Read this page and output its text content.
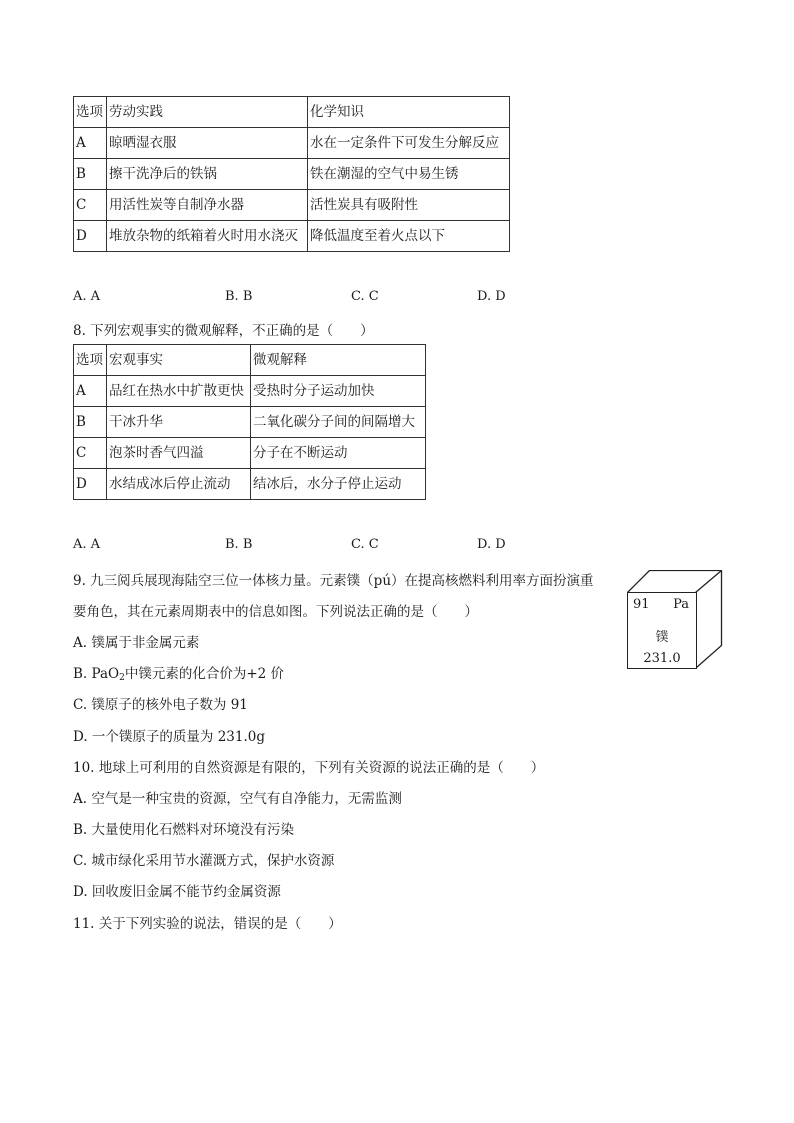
选项	劳动实践	化学知识
A	晾晒湿衣服	水在一定条件下可发生分解反应
B	擦干洗净后的铁锅	铁在潮湿的空气中易生锈
C	用活性炭等自制净水器	活性炭具有吸附性
D	堆放杂物的纸箱着火时用水浇灭	降低温度至着火点以下
A. A	B. B	C. C	D. D
8. 下列宏观事实的微观解释，不正确的是（　　）
选项	宏观事实	微观解释
A	品红在热水中扩散更快	受热时分子运动加快
B	干冰升华	二氧化碳分子间的间隔增大
C	泡茶时香气四溢	分子在不断运动
D	水结成冰后停止流动	结冰后，水分子停止运动
A. A	B. B	C. C	D. D
9. 九三阅兵展现海陆空三位一体核力量。元素镤（pú）在提高核燃料利用率方面扮演重
要角色，其在元素周期表中的信息如图。下列说法正确的是（　　）
A. 镤属于非金属元素
B. PaO$_2$中镤元素的化合价为+2 价
C. 镤原子的核外电子数为 91
D. 一个镤原子的质量为 231.0g
91 Pa
镤
231.0
10. 地球上可利用的自然资源是有限的，下列有关资源的说法正确的是（　　）
A. 空气是一种宝贵的资源，空气有自净能力，无需监测
B. 大量使用化石燃料对环境没有污染
C. 城市绿化采用节水灌溉方式，保护水资源
D. 回收废旧金属不能节约金属资源
11. 关于下列实验的说法，错误的是（　　）
